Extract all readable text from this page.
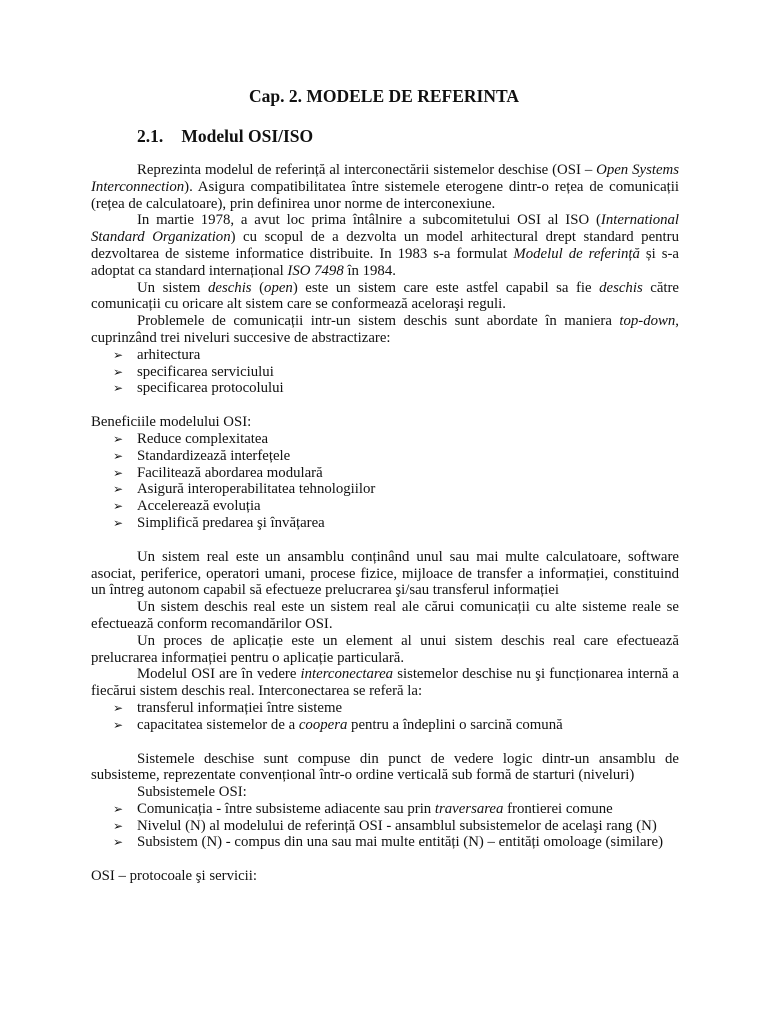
Cap. 2. MODELE DE REFERINTA
2.1. Modelul OSI/ISO

Reprezinta modelul de referință al interconectării sistemelor deschise (OSI – Open Systems Interconnection). Asigura compatibilitatea între sistemele eterogene dintr-o rețea de comunicații (rețea de calculatoare), prin definirea unor norme de interconexiune.

In martie 1978, a avut loc prima întâlnire a subcomitetului OSI al ISO (International Standard Organization) cu scopul de a dezvolta un model arhitectural drept standard pentru dezvoltarea de sisteme informatice distribuite. In 1983 s-a formulat Modelul de referință și s-a adoptat ca standard internațional ISO 7498 în 1984.

Un sistem deschis (open) este un sistem care este astfel capabil sa fie deschis către comunicații cu oricare alt sistem care se conformează aceloraşi reguli.

Problemele de comunicații intr-un sistem deschis sunt abordate în maniera top-down, cuprinzând trei niveluri succesive de abstractizare:

➢ arhitectura
➢ specificarea serviciului
➢ specificarea protocolului

Beneficiile modelului OSI:

➢ Reduce complexitatea
➢ Standardizează interfețele
➢ Facilitează abordarea modulară
➢ Asigură interoperabilitatea tehnologiilor
➢ Accelerează evoluția
➢ Simplifică predarea şi învățarea

Un sistem real este un ansamblu conținând unul sau mai multe calculatoare, software asociat, periferice, operatori umani, procese fizice, mijloace de transfer a informației, constituind un întreg autonom capabil să efectueze prelucrarea şi/sau transferul informației

Un sistem deschis real este un sistem real ale cărui comunicații cu alte sisteme reale se efectuează conform recomandărilor OSI.

Un proces de aplicație este un element al unui sistem deschis real care efectuează prelucrarea informației pentru o aplicație particulară.

Modelul OSI are în vedere interconectarea sistemelor deschise nu şi funcționarea internă a fiecărui sistem deschis real. Interconectarea se referă la:

➢ transferul informației între sisteme
➢ capacitatea sistemelor de a coopera pentru a îndeplini o sarcină comună

Sistemele deschise sunt compuse din punct de vedere logic dintr-un ansamblu de subsisteme, reprezentate convențional într-o ordine verticală sub formă de starturi (niveluri)

Subsistemele OSI:

➢ Comunicația - între subsisteme adiacente sau prin traversarea frontierei comune
➢ Nivelul (N) al modelului de referință OSI - ansamblul subsistemelor de acelaşi rang (N)
➢ Subsistem (N) - compus din una sau mai multe entități (N) – entități omoloage (similare)

OSI – protocoale şi servicii:
